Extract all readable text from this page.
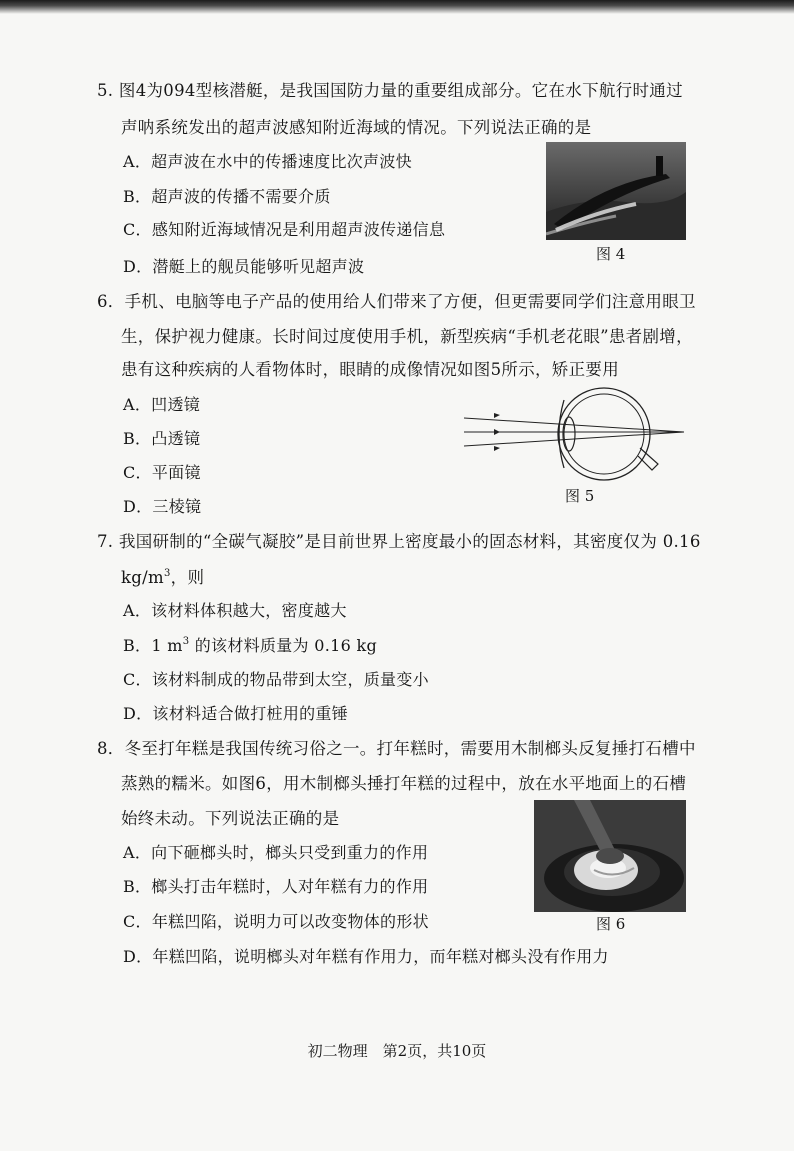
5. 图4为094型核潜艇，是我国国防力量的重要组成部分。它在水下航行时通过
声呐系统发出的超声波感知附近海域的情况。下列说法正确的是
A．超声波在水中的传播速度比次声波快
B．超声波的传播不需要介质
C．感知附近海域情况是利用超声波传递信息
D．潜艇上的舰员能够听见超声波
图 4
6．手机、电脑等电子产品的使用给人们带来了方便，但更需要同学们注意用眼卫
生，保护视力健康。长时间过度使用手机，新型疾病“手机老花眼”患者剧增，
患有这种疾病的人看物体时，眼睛的成像情况如图5所示，矫正要用
A．凹透镜
B．凸透镜
C．平面镜
D．三棱镜
图 5
7. 我国研制的“全碳气凝胶”是目前世界上密度最小的固态材料，其密度仅为 0.16
$kg/m^3$，则
A．该材料体积越大，密度越大
B．1 $m^3$ 的该材料质量为 0.16 kg
C．该材料制成的物品带到太空，质量变小
D．该材料适合做打桩用的重锤
8．冬至打年糕是我国传统习俗之一。打年糕时，需要用木制榔头反复捶打石槽中
蒸熟的糯米。如图6，用木制榔头捶打年糕的过程中，放在水平地面上的石槽
始终未动。下列说法正确的是
A．向下砸榔头时，榔头只受到重力的作用
B．榔头打击年糕时，人对年糕有力的作用
C．年糕凹陷，说明力可以改变物体的形状
D．年糕凹陷，说明榔头对年糕有作用力，而年糕对榔头没有作用力
图 6
初二物理　第2页，共10页
